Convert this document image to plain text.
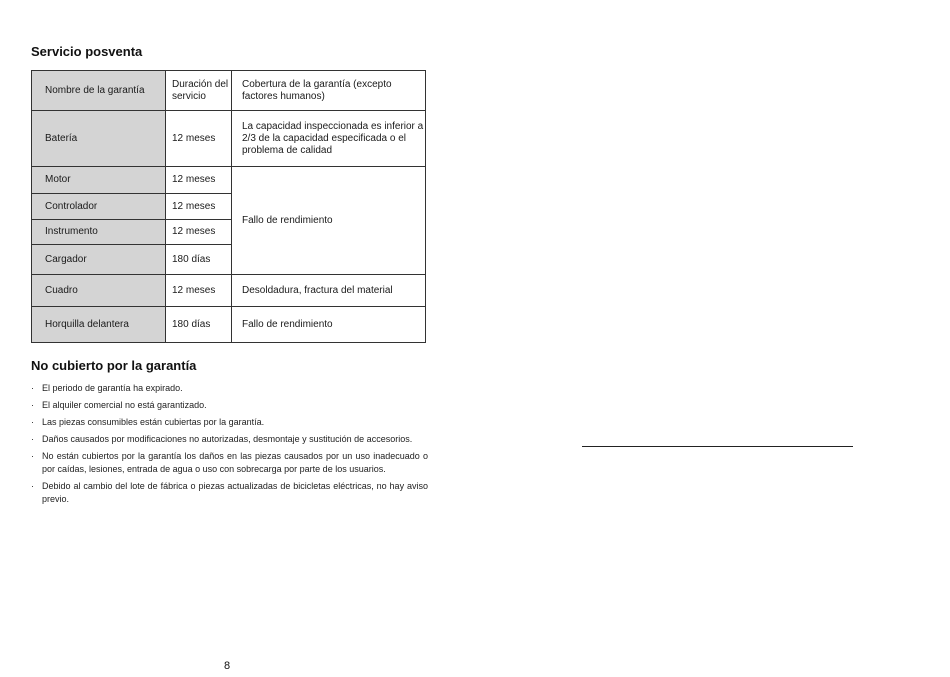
Servicio posventa
Nombre de la garantía	Duración del servicio	Cobertura de la garantía (excepto factores humanos)
Batería	12 meses	La capacidad inspeccionada es inferior a 2/3 de la capacidad especificada o el problema de calidad
Motor	12 meses	Fallo de rendimiento
Controlador	12 meses	
Instrumento	12 meses	
Cargador	180 días	
Cuadro	12 meses	Desoldadura, fractura del material
Horquilla delantera	180 días	Fallo de rendimiento
No cubierto por la garantía
· El periodo de garantía ha expirado.
· El alquiler comercial no está garantizado.
· Las piezas consumibles están cubiertas por la garantía.
· Daños causados por modificaciones no autorizadas, desmontaje y sustitución de accesorios.
· No están cubiertos por la garantía los daños en las piezas causados por un uso inadecuado o por caídas, lesiones, entrada de agua o uso con sobrecarga por parte de los usuarios.
· Debido al cambio del lote de fábrica o piezas actualizadas de bicicletas eléctricas, no hay aviso previo.
8
